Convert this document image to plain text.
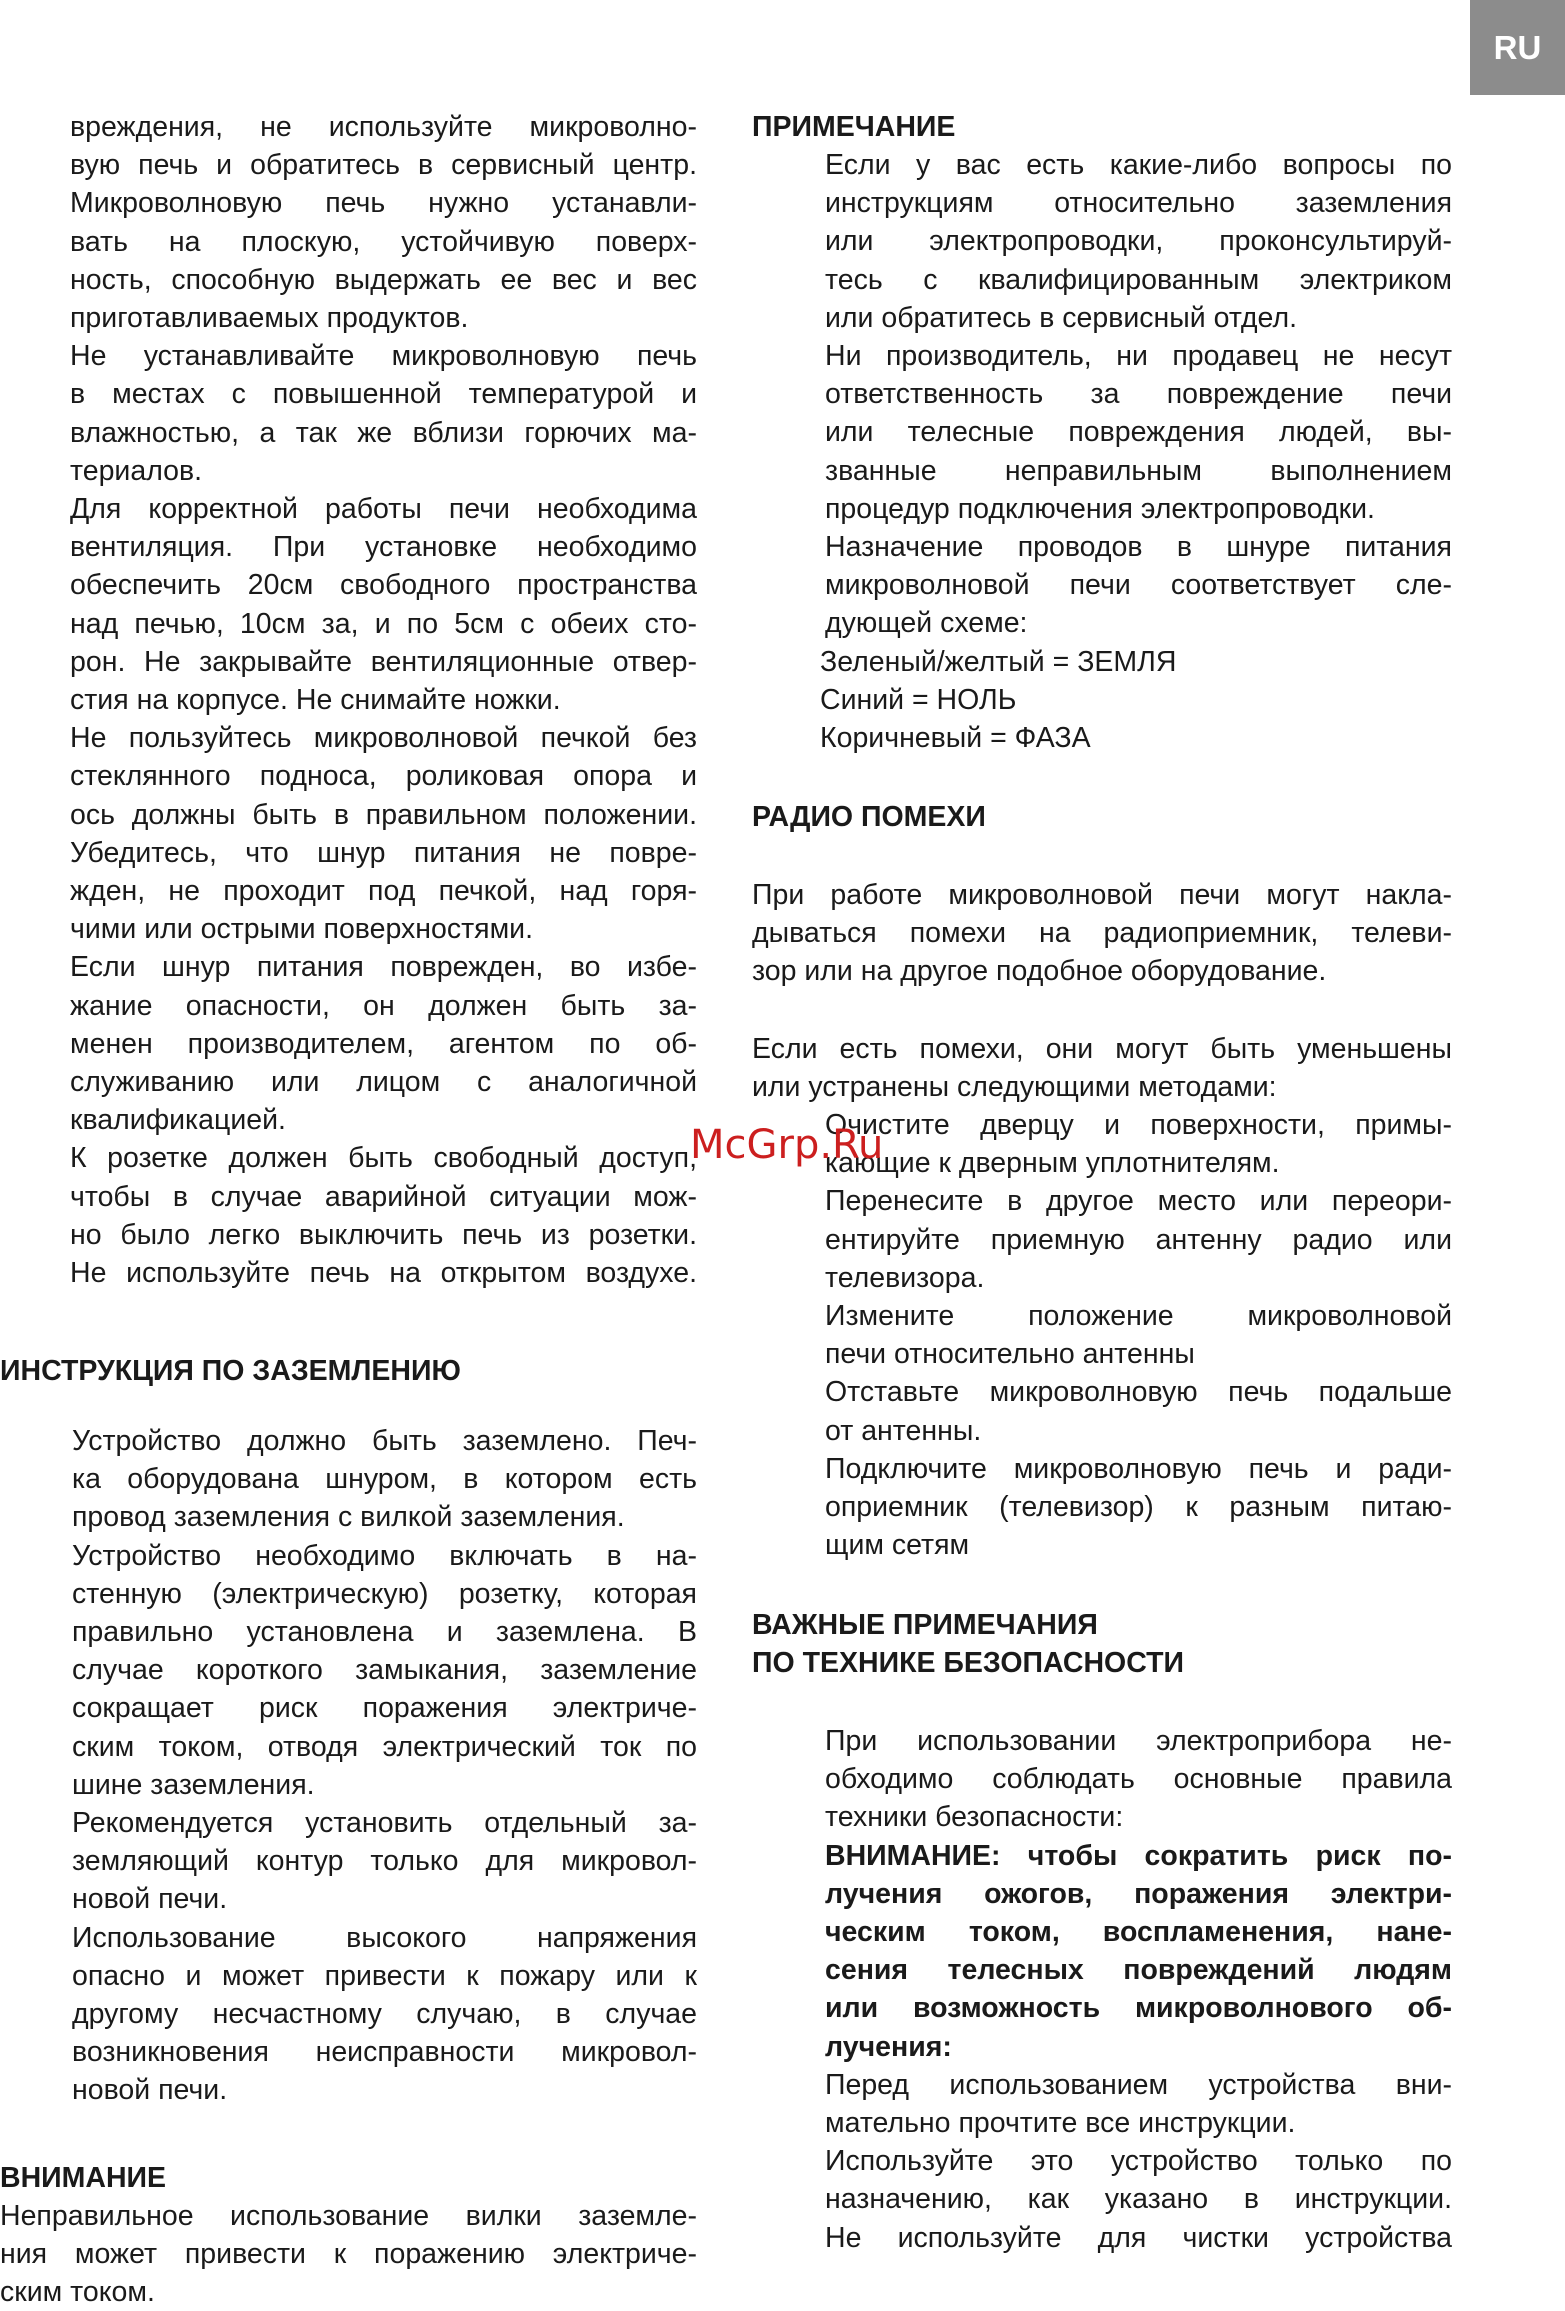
RU
вреждения, не используйте микроволно-
вую печь и обратитесь в сервисный центр.
Микроволновую печь нужно устанавли-
вать на плоскую, устойчивую поверх-
ность, способную выдержать ее вес и вес
приготавливаемых продуктов.
Не устанавливайте микроволновую печь
в местах с повышенной температурой и
влажностью, а так же вблизи горючих ма-
териалов.
Для корректной работы печи необходима
вентиляция. При установке необходимо
обеспечить 20см свободного пространства
над печью, 10см за, и по 5см с обеих сто-
рон. Не закрывайте вентиляционные отвер-
стия на корпусе. Не снимайте ножки.
Не пользуйтесь микроволновой печкой без
стеклянного подноса, роликовая опора и
ось должны быть в правильном положении.
Убедитесь, что шнур питания не повре-
жден, не проходит под печкой, над горя-
чими или острыми поверхностями.
Если шнур питания поврежден, во избе-
жание опасности, он должен быть за-
менен производителем, агентом по об-
служиванию или лицом с аналогичной
квалификацией.
К розетке должен быть свободный доступ,
чтобы в случае аварийной ситуации мож-
но было легко выключить печь из розетки.
Не используйте печь на открытом воздухе.
ИНСТРУКЦИЯ ПО ЗАЗЕМЛЕНИЮ
Устройство должно быть заземлено. Печ-
ка оборудована шнуром, в котором есть
провод заземления с вилкой заземления.
Устройство необходимо включать в на-
стенную (электрическую) розетку, которая
правильно установлена и заземлена. В
случае короткого замыкания, заземление
сокращает риск поражения электриче-
ским током, отводя электрический ток по
шине заземления.
Рекомендуется установить отдельный за-
земляющий контур только для микровол-
новой печи.
Использование высокого напряжения
опасно и может привести к пожару или к
другому несчастному случаю, в случае
возникновения неисправности микровол-
новой печи.
ВНИМАНИЕ
Неправильное использование вилки заземле-
ния может привести к поражению электриче-
ским током.
ПРИМЕЧАНИЕ
Если у вас есть какие-либо вопросы по
инструкциям относительно заземления
или электропроводки, проконсультируй-
тесь с квалифицированным электриком
или обратитесь в сервисный отдел.
Ни производитель, ни продавец не несут
ответственность за повреждение печи
или телесные повреждения людей, вы-
званные неправильным выполнением
процедур подключения электропроводки.
Назначение проводов в шнуре питания
микроволновой печи соответствует сле-
дующей схеме:
Зеленый/желтый = ЗЕМЛЯ
Синий = НОЛЬ
Коричневый = ФАЗА
РАДИО ПОМЕХИ
При работе микроволновой печи могут накла-
дываться помехи на радиоприемник, телеви-
зор или на другое подобное оборудование.
Если есть помехи, они могут быть уменьшены
или устранены следующими методами:
Очистите дверцу и поверхности, примы-
кающие к дверным уплотнителям.
Перенесите в другое место или переори-
ентируйте приемную антенну радио или
телевизора.
Измените положение микроволновой
печи относительно антенны
Отставьте микроволновую печь подальше
от антенны.
Подключите микроволновую печь и ради-
оприемник (телевизор) к разным питаю-
щим сетям
ВАЖНЫЕ ПРИМЕЧАНИЯ
ПО ТЕХНИКЕ БЕЗОПАСНОСТИ
При использовании электроприбора не-
обходимо соблюдать основные правила
техники безопасности:
ВНИМАНИЕ: чтобы сократить риск по-
лучения ожогов, поражения электри-
ческим током, воспламенения, нане-
сения телесных повреждений людям
или возможность микроволнового об-
лучения:
Перед использованием устройства вни-
мательно прочтите все инструкции.
Используйте это устройство только по
назначению, как указано в инструкции.
Не используйте для чистки устройства
McGrp.Ru
